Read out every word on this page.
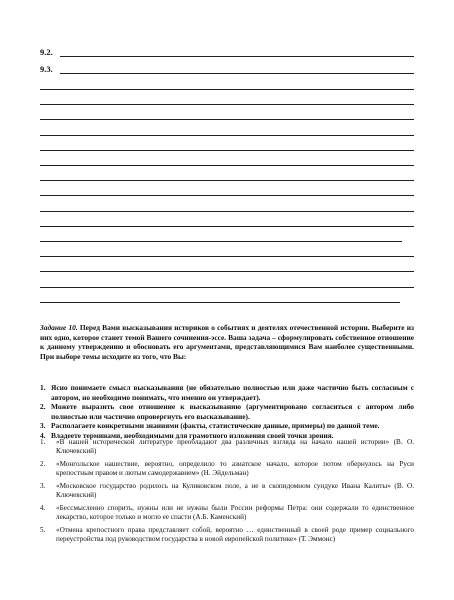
9.2.
9.3.
Задание 10. Перед Вами высказывания историков о событиях и деятелях отечественной истории. Выберите из них одно, которое станет темой Вашего сочинения-эссе. Ваша задача – сформулировать собственное отношение к данному утверждению и обосновать его аргументами, представляющимися Вам наиболее существенными. При выборе темы исходите из того, что Вы:
1. Ясно понимаете смысл высказывания (не обязательно полностью или даже частично быть согласным с автором, но необходимо понимать, что именно он утверждает).
2. Можете выразить свое отношение к высказыванию (аргументировано согласиться с автором либо полностью или частично опровергнуть его высказывание).
3. Располагаете конкретными знаниями (факты, статистические данные, примеры) по данной теме.
4. Владеете терминами, необходимыми для грамотного изложения своей точки зрения.
1.	«В нашей исторической литературе преобладают два различных взгляда на начало нашей истории» (В. О. Ключевский)
2.	«Монгольское нашествие, вероятно, определило то азиатское начало, которое потом обернулось на Руси крепостным правом и лютым самодержавием» (Н. Эйдельман)
3.	«Московское государство родилось на Куликовском поле, а не в скопидомном сундуке Ивана Калиты» (В. О. Ключевский)
4.	«Бессмысленно спорить, нужны или не нужны были России реформы Петра: они содержали то единственное лекарство, которое только и могло ее спасти (А.Б. Каменский)
5.	«Отмена крепостного права представляет собой, вероятно … единственный в своей роде пример социального переустройства под руководством государства в новой европейской политике» (Т. Эммонс)
